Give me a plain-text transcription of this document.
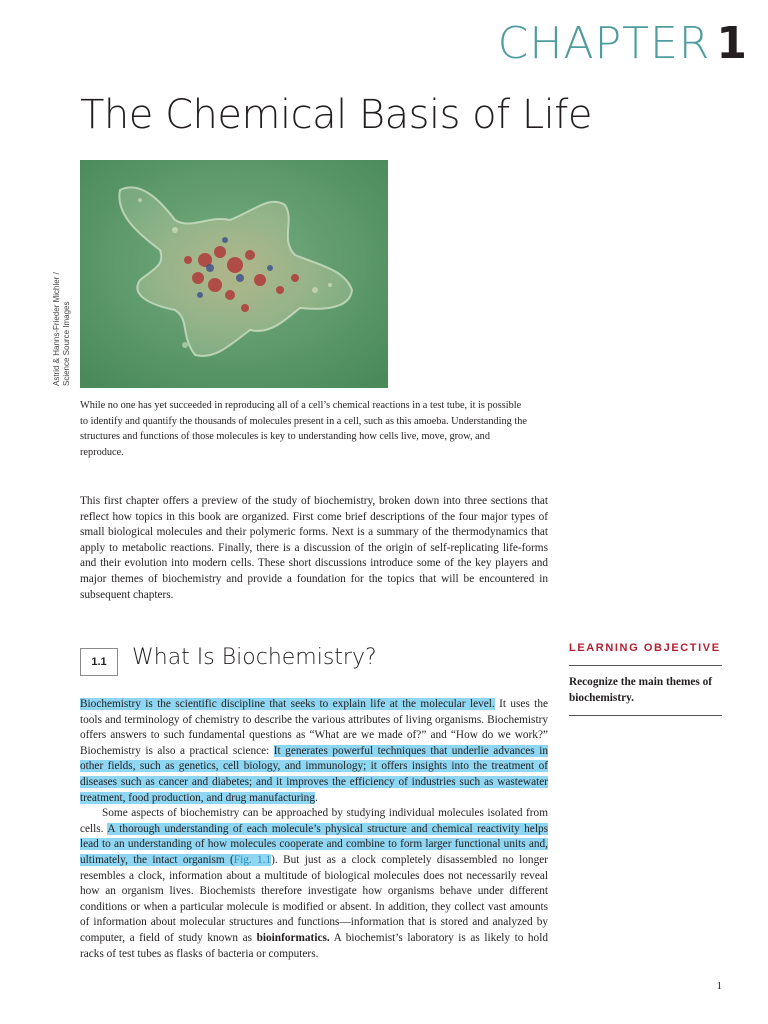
CHAPTER 1
The Chemical Basis of Life
Astrid & Hanns-Frieder Michler / Science Source Images
While no one has yet succeeded in reproducing all of a cell’s chemical reactions in a test tube, it is possible to identify and quantify the thousands of molecules present in a cell, such as this amoeba. Understanding the structures and functions of those molecules is key to understanding how cells live, move, grow, and reproduce.

This first chapter offers a preview of the study of biochemistry, broken down into three sections that reflect how topics in this book are organized. First come brief descriptions of the four major types of small biological molecules and their polymeric forms. Next is a summary of the thermodynamics that apply to metabolic reactions. Finally, there is a discussion of the origin of self-replicating life-forms and their evolution into modern cells. These short discussions introduce some of the key players and major themes of biochemistry and provide a foundation for the topics that will be encountered in subsequent chapters.

1.1	What Is Biochemistry?	LEARNING OBJECTIVE
Recognize the main themes of biochemistry.

Biochemistry is the scientific discipline that seeks to explain life at the molecular level. It uses the tools and terminology of chemistry to describe the various attributes of living organisms. Biochemistry offers answers to such fundamental questions as “What are we made of?” and “How do we work?” Biochemistry is also a practical science: It generates powerful techniques that underlie advances in other fields, such as genetics, cell biology, and immunology; it offers insights into the treatment of diseases such as cancer and diabetes; and it improves the efficiency of industries such as wastewater treatment, food production, and drug manufacturing.

Some aspects of biochemistry can be approached by studying individual molecules isolated from cells. A thorough understanding of each molecule’s physical structure and chemical reactivity helps lead to an understanding of how molecules cooperate and combine to form larger functional units and, ultimately, the intact organism (Fig. 1.1). But just as a clock completely disassembled no longer resembles a clock, information about a multitude of biological molecules does not necessarily reveal how an organism lives. Biochemists therefore investigate how organisms behave under different conditions or when a particular molecule is modified or absent. In addition, they collect vast amounts of information about molecular structures and functions—information that is stored and analyzed by computer, a field of study known as bioinformatics. A biochemist’s laboratory is as likely to hold racks of test tubes as flasks of bacteria or computers.

1
